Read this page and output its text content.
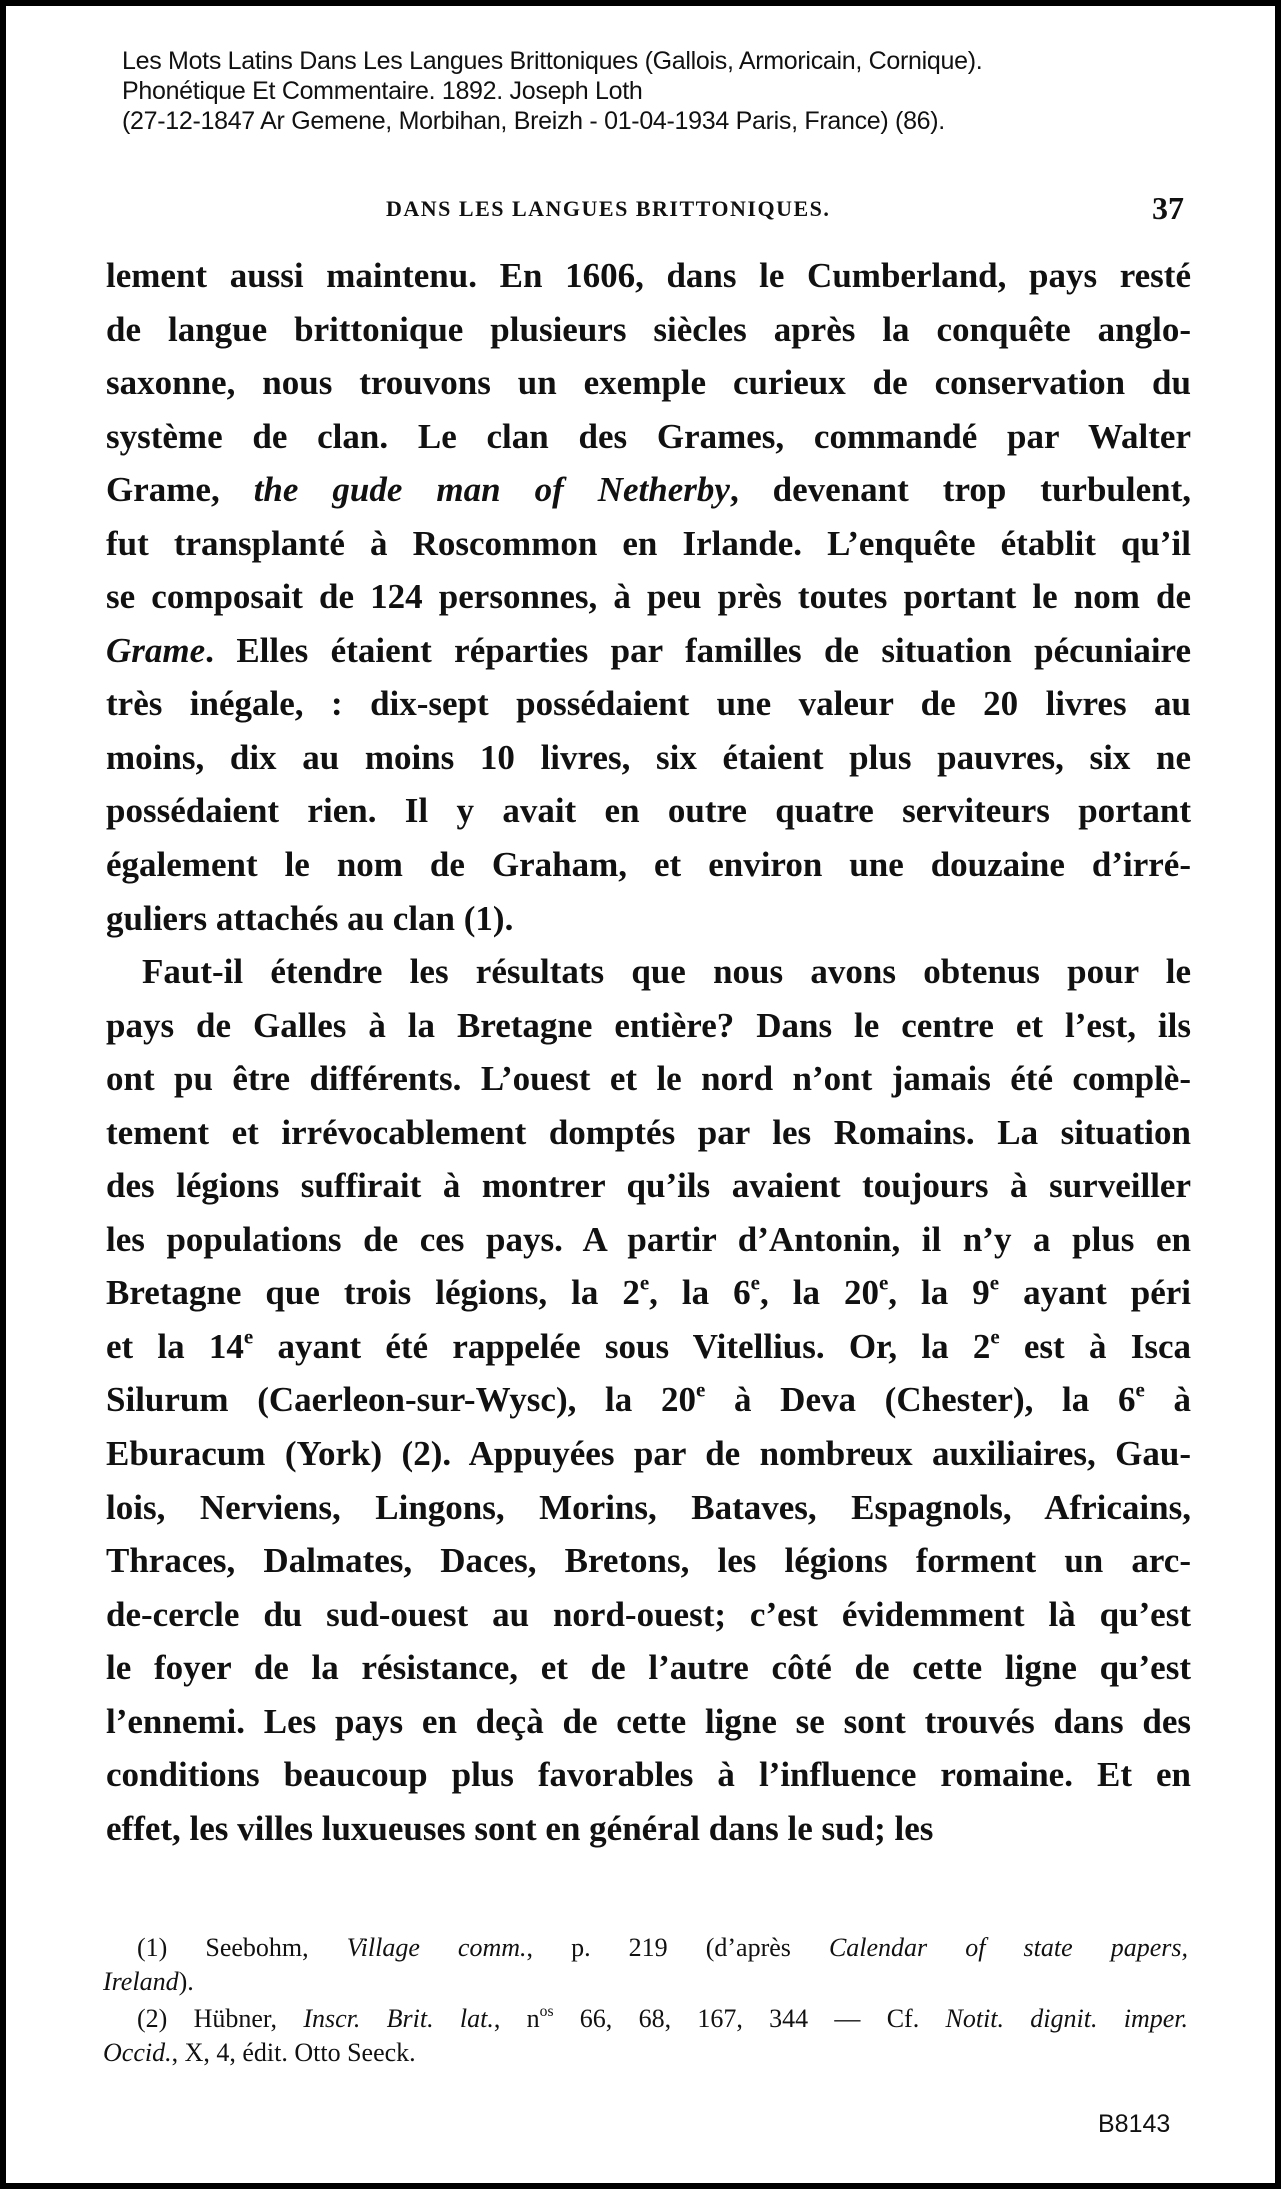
Les Mots Latins Dans Les Langues Brittoniques (Gallois, Armoricain, Cornique).
Phonétique Et Commentaire. 1892. Joseph Loth
(27-12-1847 Ar Gemene, Morbihan, Breizh - 01-04-1934 Paris, France) (86).
DANS LES LANGUES BRITTONIQUES.	37
lement aussi maintenu. En 1606, dans le Cumberland, pays resté
de langue brittonique plusieurs siècles après la conquête anglo-
saxonne, nous trouvons un exemple curieux de conservation du
système de clan. Le clan des Grames, commandé par Walter
Grame, the gude man of Netherby, devenant trop turbulent,
fut transplanté à Roscommon en Irlande. L’enquête établit qu’il
se composait de 124 personnes, à peu près toutes portant le nom de
Grame. Elles étaient réparties par familles de situation pécuniaire
très inégale, : dix-sept possédaient une valeur de 20 livres au
moins, dix au moins 10 livres, six étaient plus pauvres, six ne
possédaient rien. Il y avait en outre quatre serviteurs portant
également le nom de Graham, et environ une douzaine d’irré-
guliers attachés au clan (1).
Faut-il étendre les résultats que nous avons obtenus pour le
pays de Galles à la Bretagne entière? Dans le centre et l’est, ils
ont pu être différents. L’ouest et le nord n’ont jamais été complè-
tement et irrévocablement domptés par les Romains. La situation
des légions suffirait à montrer qu’ils avaient toujours à surveiller
les populations de ces pays. A partir d’Antonin, il n’y a plus en
Bretagne que trois légions, la 2e, la 6e, la 20e, la 9e ayant péri
et la 14e ayant été rappelée sous Vitellius. Or, la 2e est à Isca
Silurum (Caerleon-sur-Wysc), la 20e à Deva (Chester), la 6e à
Eburacum (York) (2). Appuyées par de nombreux auxiliaires, Gau-
lois, Nerviens, Lingons, Morins, Bataves, Espagnols, Africains,
Thraces, Dalmates, Daces, Bretons, les légions forment un arc-
de-cercle du sud-ouest au nord-ouest; c’est évidemment là qu’est
le foyer de la résistance, et de l’autre côté de cette ligne qu’est
l’ennemi. Les pays en deçà de cette ligne se sont trouvés dans des
conditions beaucoup plus favorables à l’influence romaine. Et en
effet, les villes luxueuses sont en général dans le sud; les
(1) Seebohm, Village comm., p. 219 (d’après Calendar of state papers,
Ireland).
(2) Hübner, Inscr. Brit. lat., $n^{os}$ 66, 68, 167, 344 — Cf. Notit. dignit. imper.
Occid., X, 4, édit. Otto Seeck.
B8143
